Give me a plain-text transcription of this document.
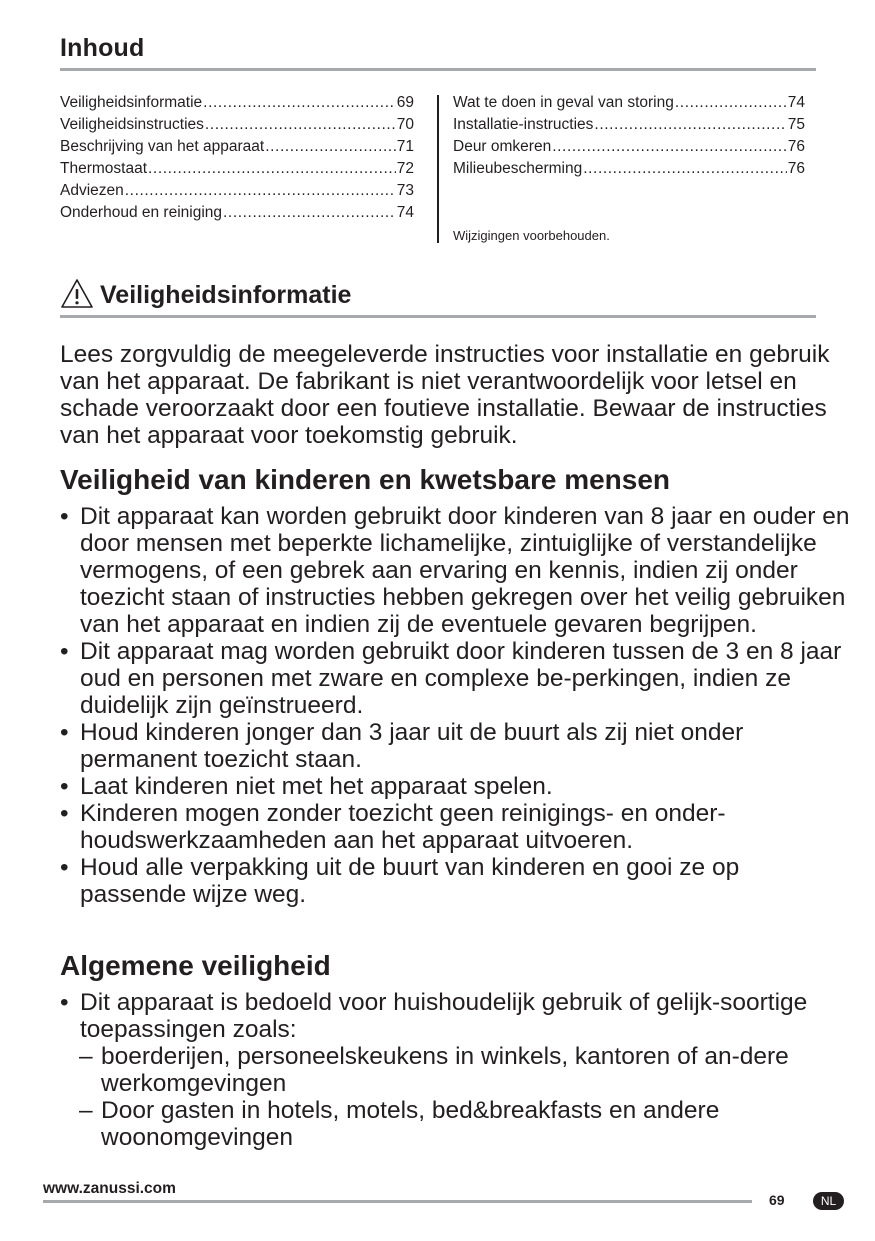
Inhoud
Veiligheidsinformatie .....	69
Veiligheidsinstructies .....	70
Beschrijving van het apparaat .....	71
Thermostaat .....	72
Adviezen .....	73
Onderhoud en reiniging .....	74
Wat te doen in geval van storing .....	74
Installatie-instructies .....	75
Deur omkeren .....	76
Milieubescherming .....	76
Wijzigingen voorbehouden.
Veiligheidsinformatie
Lees zorgvuldig de meegeleverde instructies voor installatie en gebruik van het apparaat. De fabrikant is niet verantwoordelijk voor letsel en schade veroorzaakt door een foutieve installatie. Bewaar de instructies van het apparaat voor toekomstig gebruik.
Veiligheid van kinderen en kwetsbare mensen
• Dit apparaat kan worden gebruikt door kinderen van 8 jaar en ouder en door mensen met beperkte lichamelijke, zintuiglijke of verstandelijke vermogens, of een gebrek aan ervaring en kennis, indien zij onder toezicht staan of instructies hebben gekregen over het veilig gebruiken van het apparaat en indien zij de eventuele gevaren begrijpen.
• Dit apparaat mag worden gebruikt door kinderen tussen de 3 en 8 jaar oud en personen met zware en complexe be-perkingen, indien ze duidelijk zijn geïnstrueerd.
• Houd kinderen jonger dan 3 jaar uit de buurt als zij niet onder permanent toezicht staan.
• Laat kinderen niet met het apparaat spelen.
• Kinderen mogen zonder toezicht geen reinigings- en onder-houdswerkzaamheden aan het apparaat uitvoeren.
• Houd alle verpakking uit de buurt van kinderen en gooi ze op passende wijze weg.
Algemene veiligheid
• Dit apparaat is bedoeld voor huishoudelijk gebruik of gelijk-soortige toepassingen zoals:
– boerderijen, personeelskeukens in winkels, kantoren of an-dere werkomgevingen
– Door gasten in hotels, motels, bed&breakfasts en andere woonomgevingen
www.zanussi.com
69	NL
